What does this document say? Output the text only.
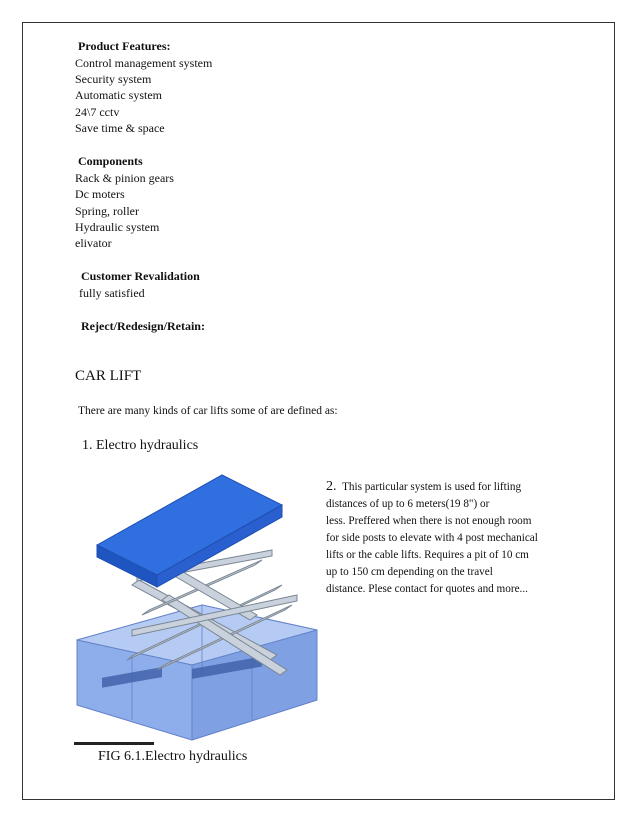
Product Features:
Control management system
Security system
Automatic system
24\7 cctv
Save time & space
Components
Rack & pinion gears
Dc moters
Spring, roller
Hydraulic system
elivator
Customer Revalidation
fully satisfied
Reject/Redesign/Retain:
CAR LIFT
There are many kinds of car lifts some of are defined as:
1. Electro hydraulics
2. This particular system is used for lifting
distances of up to 6 meters(19 8") or
less. Preffered when there is not enough room
for side posts to elevate with 4 post mechanical
lifts or the cable lifts. Requires a pit of 10 cm
up to 150 cm depending on the travel
distance. Plese contact for quotes and more...
FIG 6.1.Electro hydraulics
